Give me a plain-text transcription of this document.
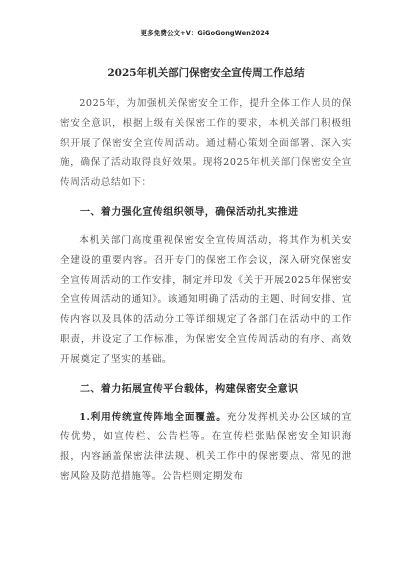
更多免费公文+V：GiGoGongWen2024
2025年机关部门保密安全宣传周工作总结

2025年，为加强机关保密安全工作，提升全体工作人员的保密安全意识，根据上级有关保密工作的要求，本机关部门积极组织开展了保密安全宣传周活动。通过精心策划全面部署、深入实施，确保了活动取得良好效果。现将2025年机关部门保密安全宣传周活动总结如下：

一、着力强化宣传组织领导，确保活动扎实推进

本机关部门高度重视保密安全宣传周活动，将其作为机关安全建设的重要内容。召开专门的保密工作会议，深入研究保密安全宣传周活动的工作安排，制定并印发《关于开展2025年保密安全宣传周活动的通知》。该通知明确了活动的主题、时间安排、宣传内容以及具体的活动分工等详细规定了各部门在活动中的工作职责，并设定了工作标准，为保密安全宣传周活动的有序、高效开展奠定了坚实的基础。

二、着力拓展宣传平台载体，构建保密安全意识

1.利用传统宣传阵地全面覆盖。充分发挥机关办公区域的宣传优势，如宣传栏、公告栏等。在宣传栏张贴保密安全知识海报，内容涵盖保密法律法规、机关工作中的保密要点、常见的泄密风险及防范措施等。公告栏则定期发布
